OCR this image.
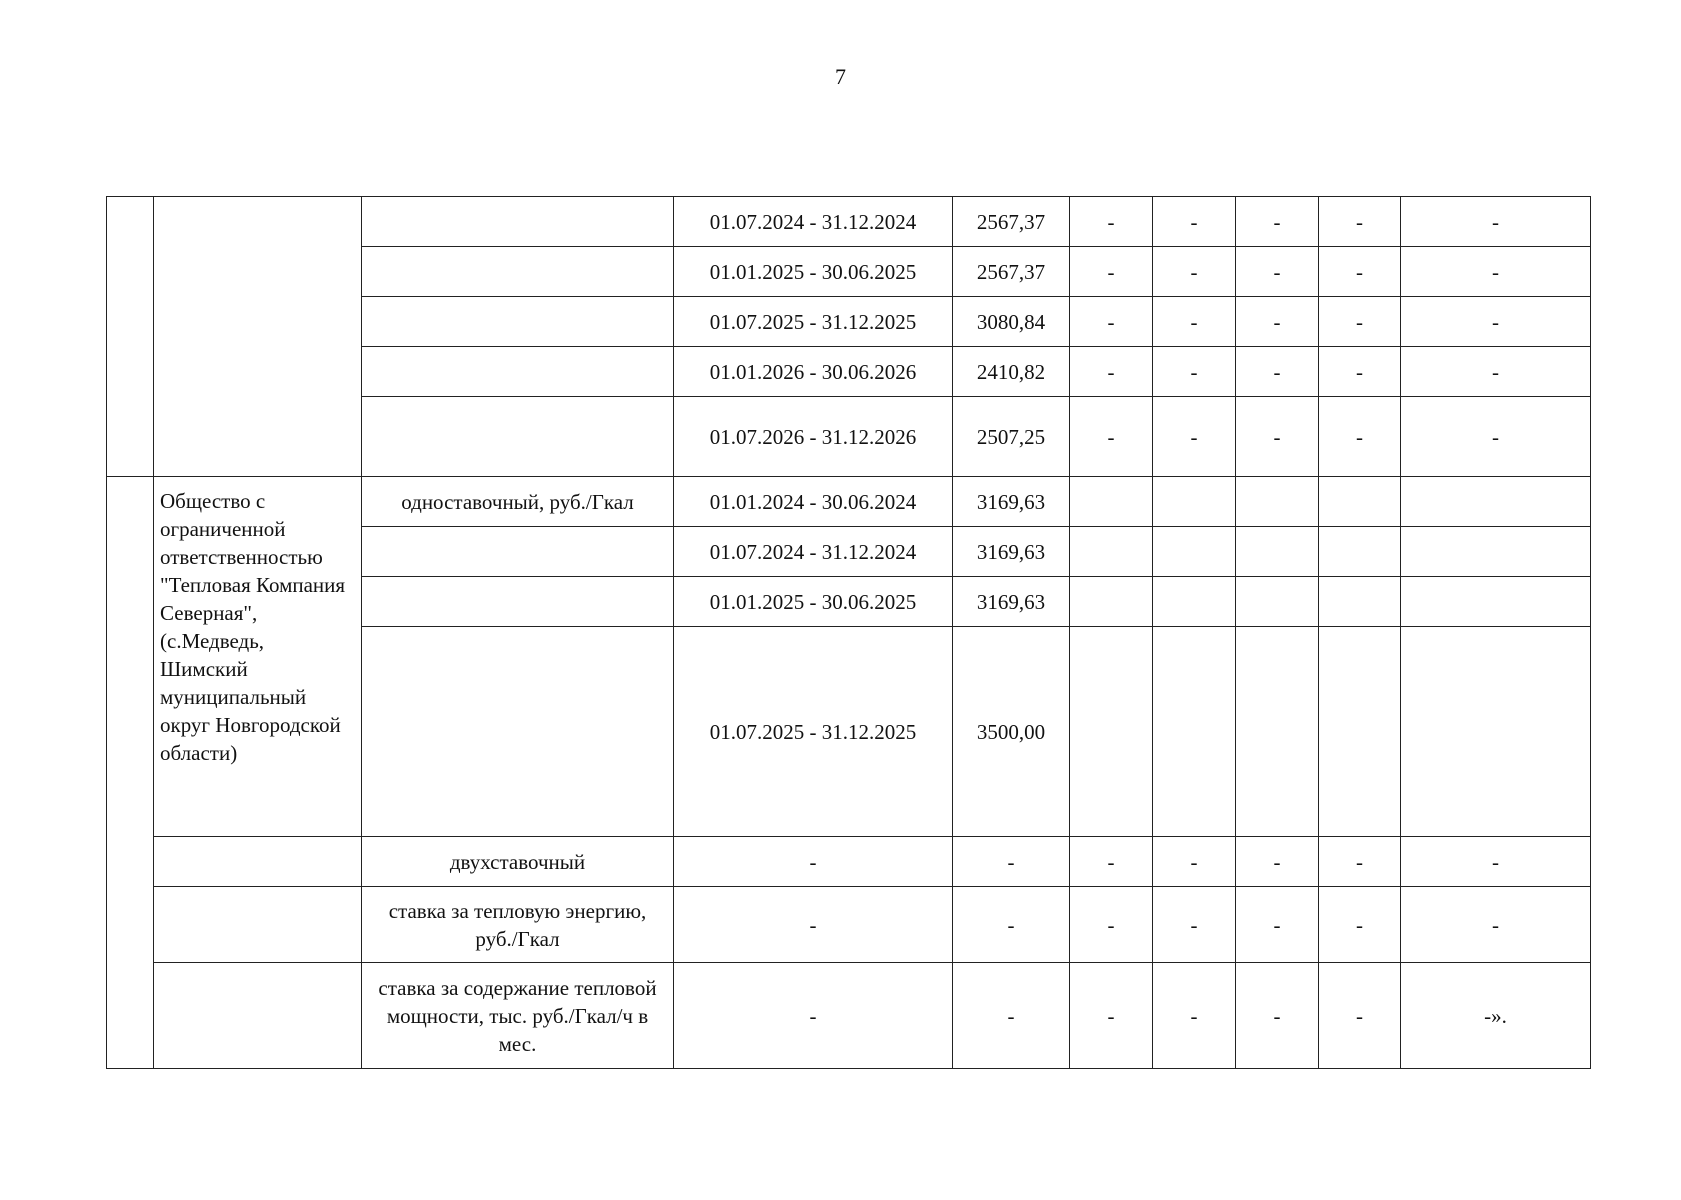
7
			01.07.2024 - 31.12.2024	2567,37	-	-	-	-	-
			01.01.2025 - 30.06.2025	2567,37	-	-	-	-	-
			01.07.2025 - 31.12.2025	3080,84	-	-	-	-	-
			01.01.2026 - 30.06.2026	2410,82	-	-	-	-	-
			01.07.2026 - 31.12.2026	2507,25	-	-	-	-	-
	Общество с ограниченной ответственностью "Тепловая Компания Северная", (с.Медведь, Шимский муниципальный округ Новгородской области)	одноставочный, руб./Гкал	01.01.2024 - 30.06.2024	3169,63					
			01.07.2024 - 31.12.2024	3169,63					
			01.01.2025 - 30.06.2025	3169,63					
			01.07.2025 - 31.12.2025	3500,00					
		двухставочный	-	-	-	-	-	-	-
		ставка за тепловую энергию, руб./Гкал	-	-	-	-	-	-	-
		ставка за содержание тепловой мощности, тыс. руб./Гкал/ч в мес.	-	-	-	-	-	-	-».
